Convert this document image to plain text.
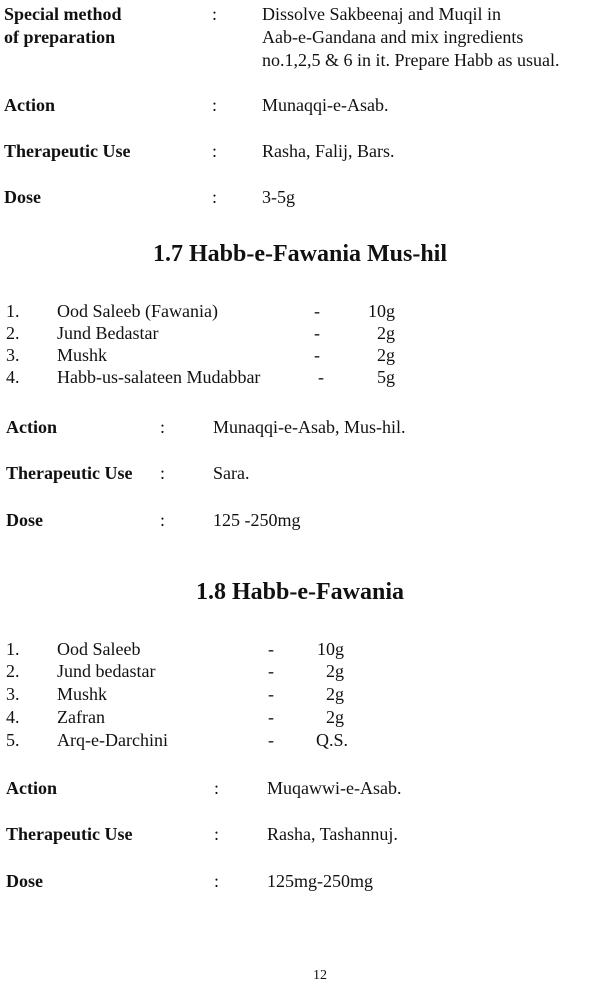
Special method
of preparation
: Dissolve Sakbeenaj and Muqil in
Aab-e-Gandana and mix ingredients
no.1,2,5 & 6 in it. Prepare Habb as usual.
Action	: Munaqqi-e-Asab.
Therapeutic Use	: Rasha, Falij, Bars.
Dose	: 3-5g
1.7 Habb-e-Fawania Mus-hil
1. Ood Saleeb (Fawania)	-	10g
2. Jund Bedastar	-	2g
3. Mushk	-	2g
4. Habb-us-salateen Mudabbar	-	5g
Action	:	Munaqqi-e-Asab, Mus-hil.
Therapeutic Use :	Sara.
Dose	:	125 -250mg
1.8 Habb-e-Fawania
1. Ood Saleeb	- 10g
2. Jund bedastar	-	2g
3. Mushk	-	2g
4. Zafran	-	2g
5. Arq-e-Darchini	- Q.S.
Action	:	Muqawwi-e-Asab.
Therapeutic Use	:	Rasha, Tashannuj.
Dose	:	125mg-250mg
12
